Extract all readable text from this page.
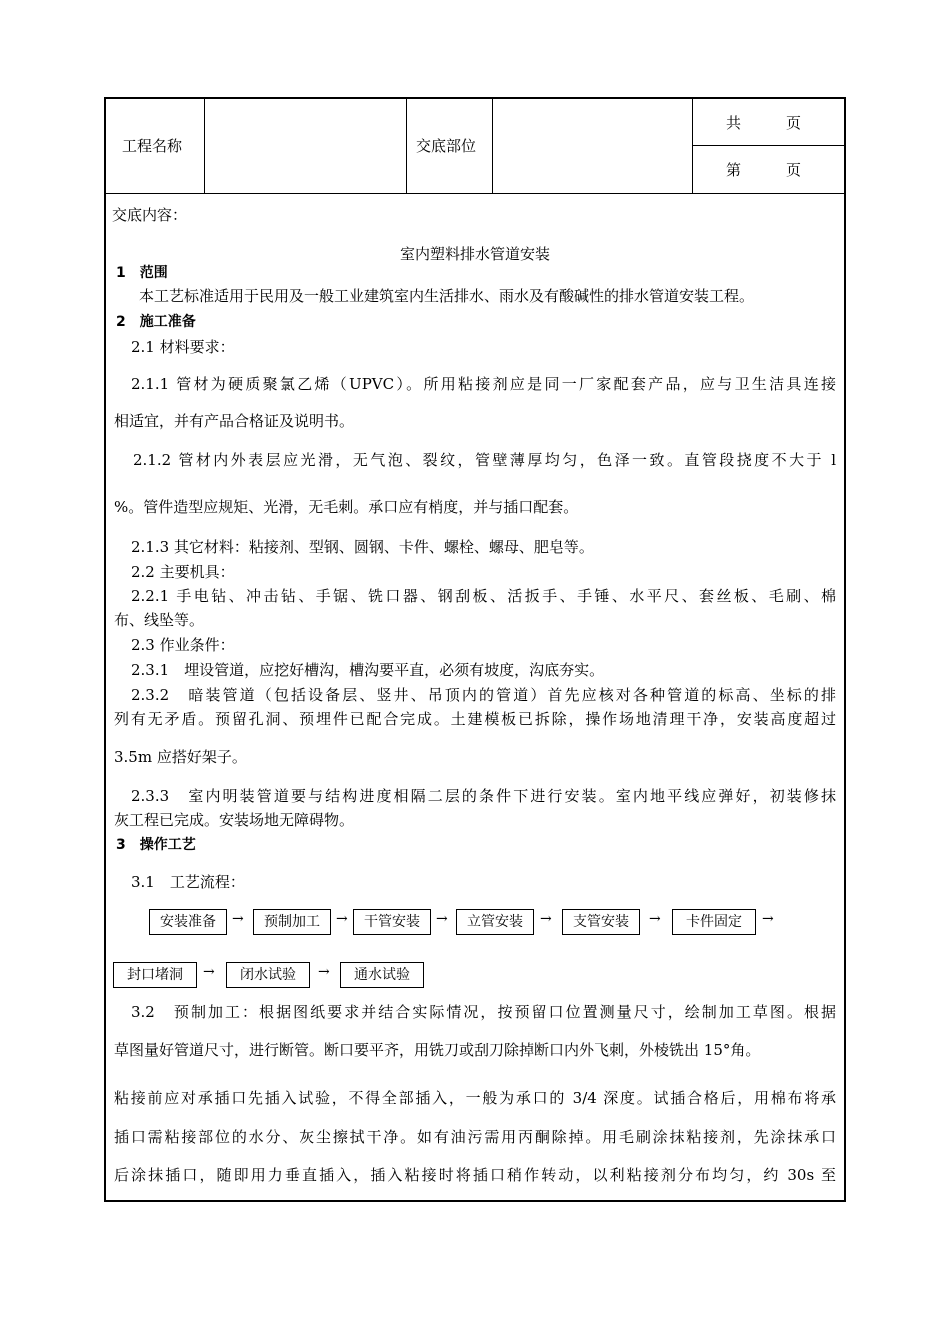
工程名称	交底部位
共　　　页
第　　　页
交底内容：
室内塑料排水管道安装
1　范围
本工艺标准适用于民用及一般工业建筑室内生活排水、雨水及有酸碱性的排水管道安装工程。
2　施工准备
2.1 材料要求：
2.1.1 管材为硬质聚氯乙烯（UPVC）。所用粘接剂应是同一厂家配套产品，应与卫生洁具连接
相适宜，并有产品合格证及说明书。
2.1.2 管材内外表层应光滑，无气泡、裂纹，管壁薄厚均匀，色泽一致。直管段挠度不大于 l
%。管件造型应规矩、光滑，无毛刺。承口应有梢度，并与插口配套。
2.1.3 其它材料：粘接剂、型钢、圆钢、卡件、螺栓、螺母、肥皂等。
2.2 主要机具：
2.2.1 手电钻、冲击钻、手锯、铣口器、钢刮板、活扳手、手锤、水平尺、套丝板、毛刷、棉
布、线坠等。
2.3 作业条件：
2.3.1　埋设管道，应挖好槽沟，槽沟要平直，必须有坡度，沟底夯实。
2.3.2　暗装管道（包括设备层、竖井、吊顶内的管道）首先应核对各种管道的标高、坐标的排
列有无矛盾。预留孔洞、预埋件已配合完成。土建模板已拆除，操作场地清理干净，安装高度超过
3.5m 应搭好架子。
2.3.3　室内明装管道要与结构进度相隔二层的条件下进行安装。室内地平线应弹好，初装修抹
灰工程已完成。安装场地无障碍物。
3　操作工艺
3.1　工艺流程：
安装准备	→	预制加工	→	干管安装	→	立管安装	→	支管安装	→	卡件固定	→
封口堵洞	→	闭水试验	→	通水试验
3.2　预制加工：根据图纸要求并结合实际情况，按预留口位置测量尺寸，绘制加工草图。根据
草图量好管道尺寸，进行断管。断口要平齐，用铣刀或刮刀除掉断口内外飞刺，外棱铣出 15°角。
粘接前应对承插口先插入试验，不得全部插入，一般为承口的 3/4 深度。试插合格后，用棉布将承
插口需粘接部位的水分、灰尘擦拭干净。如有油污需用丙酮除掉。用毛刷涂抹粘接剂，先涂抹承口
后涂抹插口，随即用力垂直插入，插入粘接时将插口稍作转动，以利粘接剂分布均匀，约 30s 至
